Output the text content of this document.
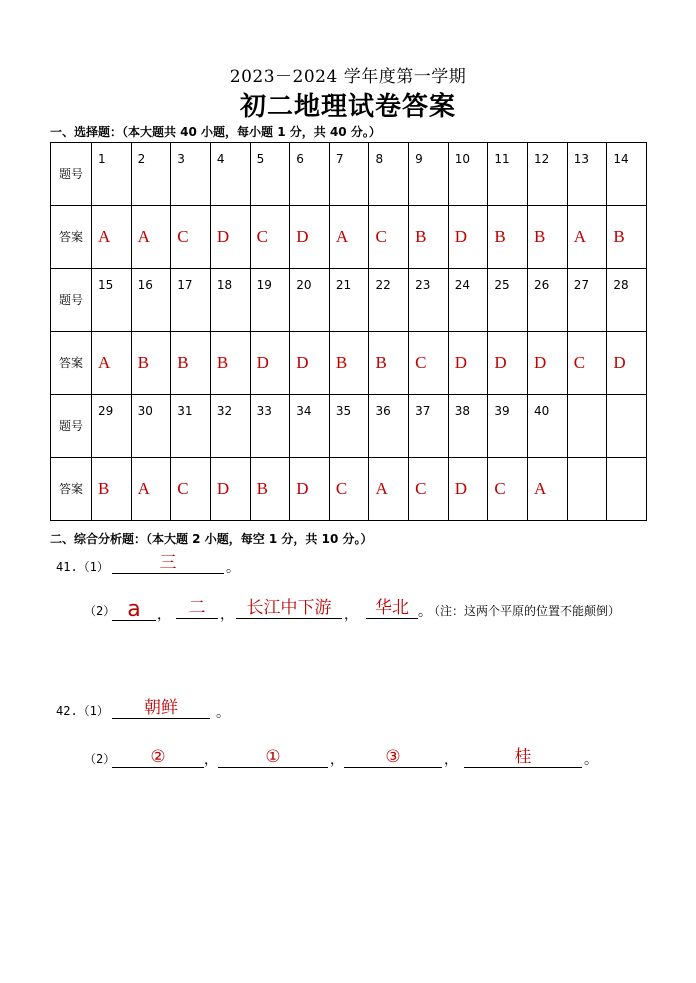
2023－2024 学年度第一学期
初二地理试卷答案
一、选择题：（本大题共 40 小题，每小题 1 分，共 40 分。）
题号	1	2	3	4	5	6	7	8	9	10	11	12	13	14
答案	A	A	C	D	C	D	A	C	B	D	B	B	A	B
题号	15	16	17	18	19	20	21	22	23	24	25	26	27	28
答案	A	B	B	B	D	D	B	B	C	D	D	D	C	D
题号	29	30	31	32	33	34	35	36	37	38	39	40		
答案	B	A	C	D	B	D	C	A	C	D	C	A		
二、综合分析题：（本大题 2 小题，每空 1 分，共 10 分。）
41.（1）	三	。
（2） a	，	二	， 长江中下游 ，	华北 。
（注：这两个平原的位置不能颠倒）
42.（1）	朝鲜	。
（2）	②	，	①	，	③	，	桂	。
